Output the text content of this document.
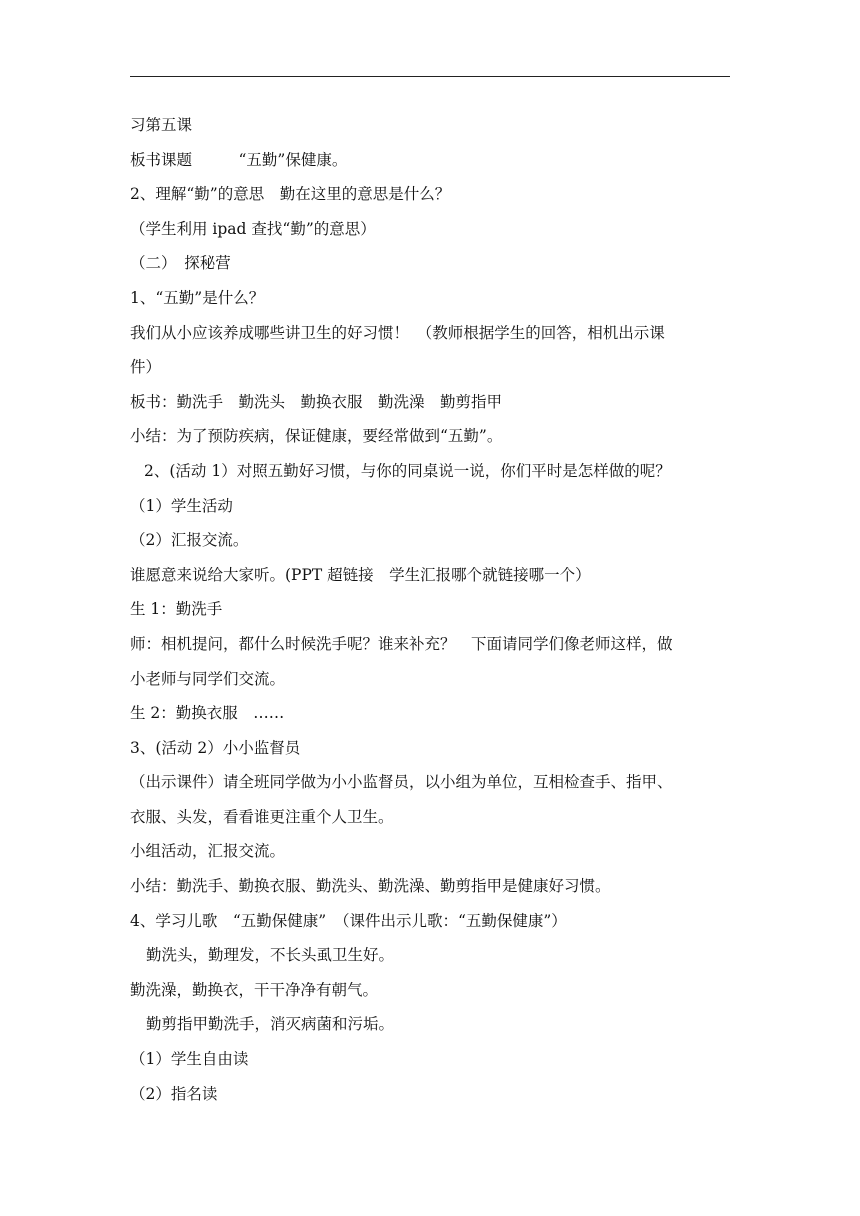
习第五课
板书课题　　　“五勤”保健康。
2、理解“勤”的意思　勤在这里的意思是什么？
（学生利用 ipad 查找“勤”的意思）
（二）　探秘营
1、“五勤”是什么？
我们从小应该养成哪些讲卫生的好习惯！　（教师根据学生的回答，相机出示课
件）
板书：勤洗手　勤洗头　勤换衣服　勤洗澡　勤剪指甲
小结：为了预防疾病，保证健康，要经常做到“五勤”。
2、(活动 1）对照五勤好习惯，与你的同桌说一说，你们平时是怎样做的呢？
（1）学生活动
（2）汇报交流。
谁愿意来说给大家听。(PPT 超链接　学生汇报哪个就链接哪一个）
生 1：勤洗手
师：相机提问，都什么时候洗手呢？谁来补充？　下面请同学们像老师这样，做
小老师与同学们交流。
生 2：勤换衣服　……
3、(活动 2）小小监督员
（出示课件）请全班同学做为小小监督员，以小组为单位，互相检查手、指甲、
衣服、头发，看看谁更注重个人卫生。
小组活动，汇报交流。
小结：勤洗手、勤换衣服、勤洗头、勤洗澡、勤剪指甲是健康好习惯。
4、学习儿歌　“五勤保健康”　（课件出示儿歌：“五勤保健康”）
勤洗头，勤理发，不长头虱卫生好。
勤洗澡，勤换衣，干干净净有朝气。
勤剪指甲勤洗手，消灭病菌和污垢。
（1）学生自由读
（2）指名读
